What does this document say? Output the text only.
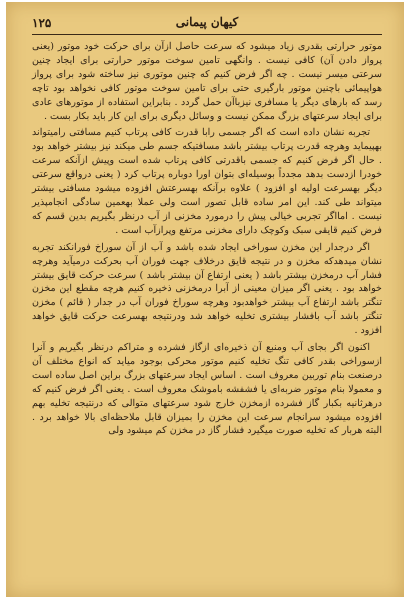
۱۲۵	کیهان پیمانی

موتور حرارتی بقدری زیاد میشود که سرعت حاصل ازآن برای حرکت خود موتور (یعنی پرواز دادن آن) کافی نیست . وانگهی تامین سوخت موتور حرارتی برای ایجاد چنین سرعتی میسر نیست . چه اگر فرض کنیم که چنین موتوری نیز ساخته شود برای پرواز هواپیمائی باچنین موتور بارگیری حتی برای تامین سوخت موتور کافی نخواهد بود تاچه رسد که بارهای دیگر یا مسافری نیزباآن حمل گردد . بنابراین استفاده از موتورهای عادی برای ایجاد سرعتهای بزرگ ممکن نیست و وسائل دیگری برای این کار باید بکار بست .

تجربه نشان داده است که اگر جسمی رابا قدرت کافی پرتاب کنیم مسافتی رامیتواند بهپیماید وهرچه قدرت پرتاب بیشتر باشد مسافتیکه جسم طی میکند نیز بیشتر خواهد بود . حال اگر فرض کنیم که جسمی باقدرتی کافی پرتاب شده است وپیش ازآنکه سرعت خودرا ازدست بدهد مجدداً بوسیله‌ای بتوان اورا دوباره پرتاب کرد ( یعنی درواقع سرعتی دیگر بهسرعت اولیه او افزود ) علاوه برآنکه بهسرعتش افزوده میشود مسافتی بیشتر میتواند طی کند. این امر ساده قابل تصور است ولی عملا بهعمین سادگی انجامپذیر نیست . امااگر تجربی خیالی پیش را درمورد مخزنی از آب درنظر بگیریم بدین قسم که فرض کنیم قایقی سبک وکوچک دارای مخزنی مرتفع وپرازآب است .

اگر درجدار این مخزن سوراخی ایجاد شده باشد و آب از آن سوراخ فورانکند تجربه نشان میدهدکه مخزن و در نتیجه قایق درخلاف جهت فوران آب بحرکت درمیآید وهرچه فشار آب درمخزن بیشتر باشد ( یعنی ارتفاع آن بیشتر باشد ) سرعت حرکت قایق بیشتر خواهد بود . یعنی اگر میزان معینی از آبرا درمخزنی ذخیره کنیم هرچه مقطع این مخزن تنگتر باشد ارتفاع آب بیشتر خواهدبود وهرچه سوراخ فوران آب در جدار ( قائم ) مخزن تنگتر باشد آب بافشار بیشتری تخلیه خواهد شد ودرنتیجه بهسرعت حرکت قایق خواهد افزود .

اکنون اگر بجای آب ومنبع آن ذخیره‌ای ازگاز فشرده و متراکم درنظر بگیریم و آنرا ازسوراخی بقدر کافی تنگ تخلیه کنیم موتور محرکی بوجود میاید که انواع مختلف آن درصنعت بنام توربین معروف است . اساس ایجاد سرعتهای بزرگ براین اصل ساده است و معمولا بنام موتور ضربه‌ای یا فشفشه باموشک معروف است . یعنی اگر فرض کنیم که درهرثانیه بکبار گاز فشرده ازمخزن خارج شود سرعتهای متوالی که درنتیجه تخلیه بهم افزوده میشود سرانجام سرعت این مخزن را بمیزان قابل ملاحظه‌ای بالا خواهد برد . البته هربار که تخلیه صورت میگیرد فشار گاز در مخزن کم میشود ولی
